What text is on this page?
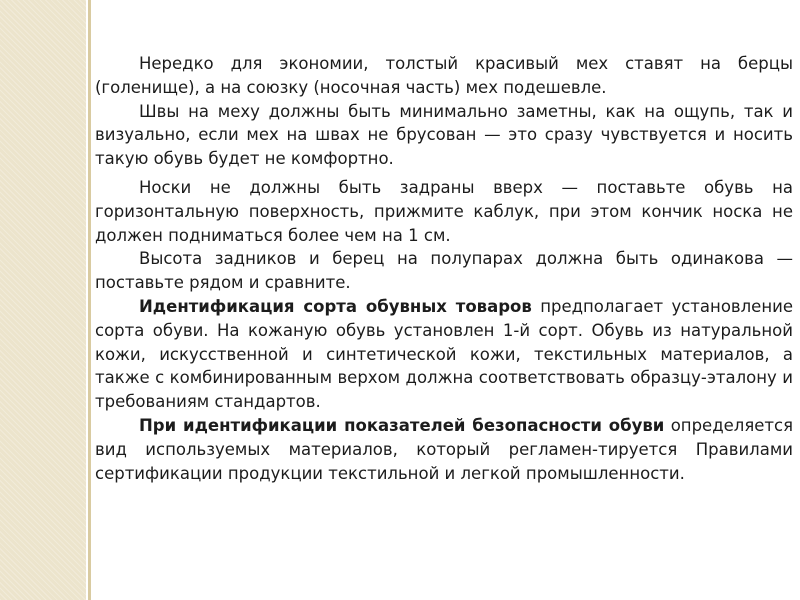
Нередко для экономии, толстый красивый мех ставят на берцы (голенище), а на союзку (носочная часть) мех подешевле.

Швы на меху должны быть минимально заметны, как на ощупь, так и визуально, если мех на швах не брусован — это сразу чувствуется и носить такую обувь будет не комфортно.

Носки не должны быть задраны вверх — поставьте обувь на горизонтальную поверхность, прижмите каблук, при этом кончик носка не должен подниматься более чем на 1 см.

Высота задников и берец на полупарах должна быть одинакова — поставьте рядом и сравните.

Идентификация сорта обувных товаров предполагает установление сорта обуви. На кожаную обувь установлен 1-й сорт. Обувь из натуральной кожи, искусственной и синтетической кожи, текстильных материалов, а также с комбинированным верхом должна соответствовать образцу-эталону и требованиям стандартов.

При идентификации показателей безопасности обуви определяется вид используемых материалов, который регламен-тируется Правилами сертификации продукции текстильной и легкой промышленности.
